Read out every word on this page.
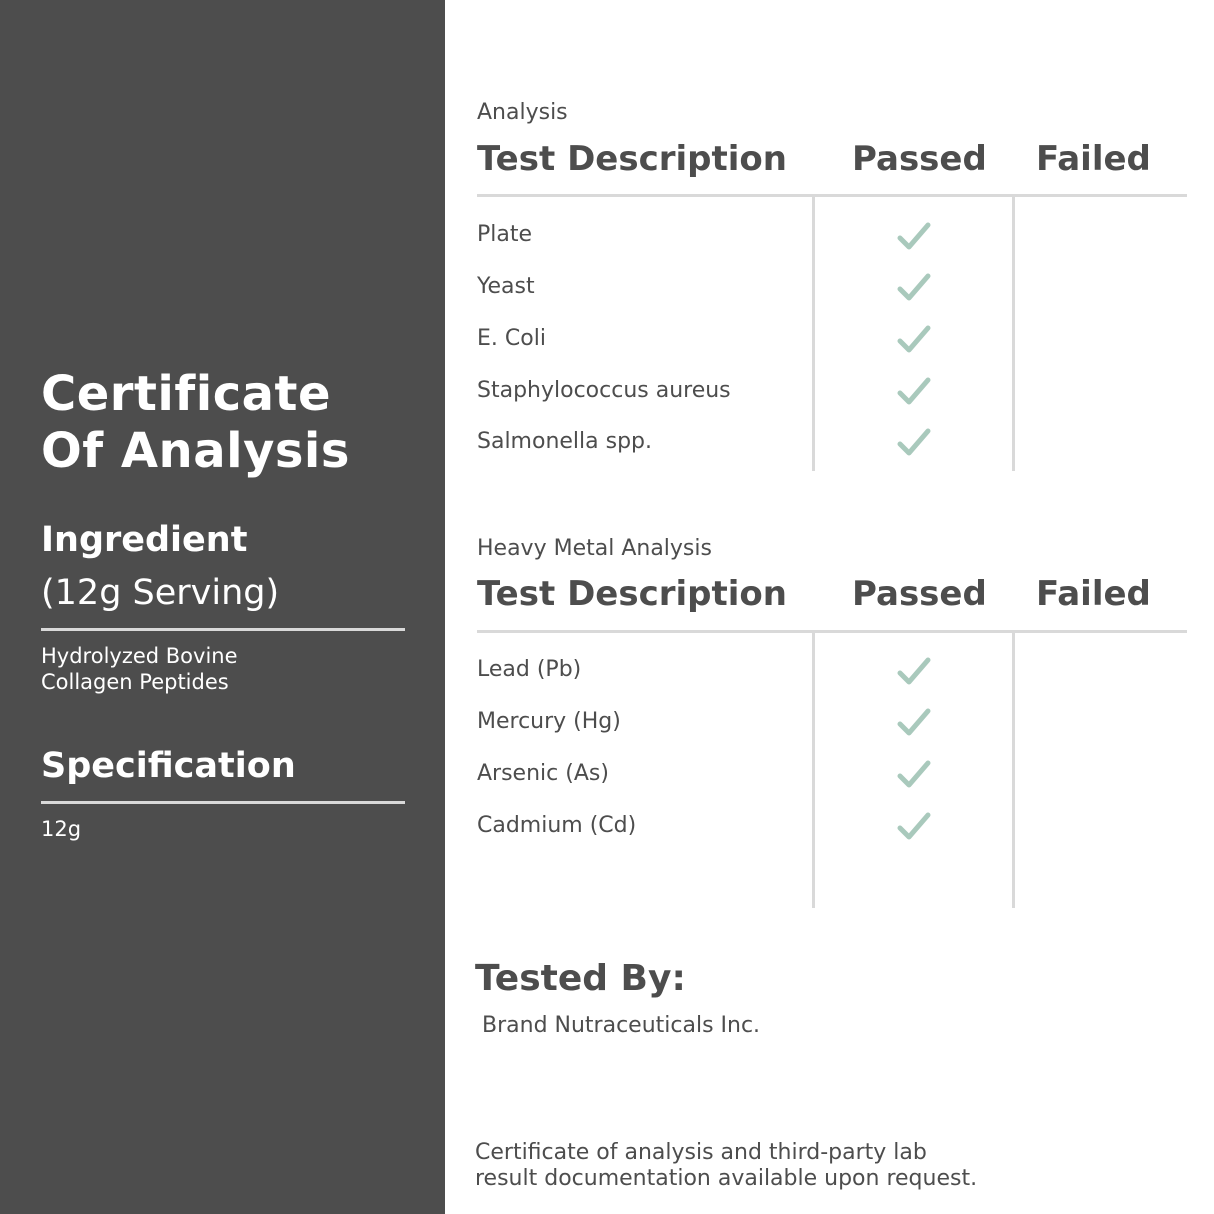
Certificate
Of Analysis
Ingredient
(12g Serving)
Hydrolyzed Bovine
Collagen Peptides
Specification
12g
Analysis
Test Description Passed Failed
Plate
Yeast
E. Coli
Staphylococcus aureus
Salmonella spp.
Heavy Metal Analysis
Test Description Passed Failed
Lead (Pb)
Mercury (Hg)
Arsenic (As)
Cadmium (Cd)
Tested By:
Brand Nutraceuticals Inc.
Certificate of analysis and third-party lab
result documentation available upon request.
